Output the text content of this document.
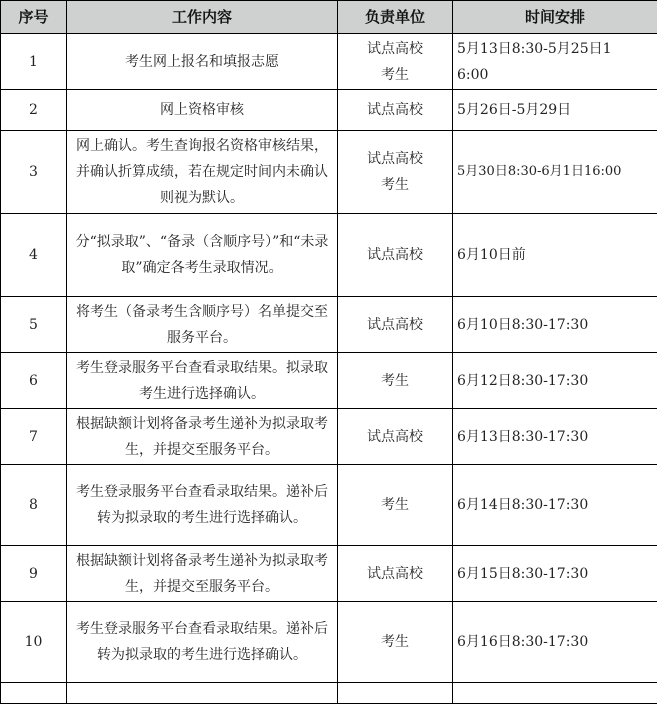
序号	工作内容	负责单位	时间安排
1	考生网上报名和填报志愿	试点高校考生	5月13日8:30-5月25日16:00
2	网上资格审核	试点高校	5月26日-5月29日
3	网上确认。考生查询报名资格审核结果，并确认折算成绩，若在规定时间内未确认则视为默认。	试点高校考生	5月30日8:30-6月1日16:00
4	分“拟录取”、“备录（含顺序号）”和“未录取”确定各考生录取情况。	试点高校	6月10日前
5	将考生（备录考生含顺序号）名单提交至服务平台。	试点高校	6月10日8:30-17:30
6	考生登录服务平台查看录取结果。拟录取考生进行选择确认。	考生	6月12日8:30-17:30
7	根据缺额计划将备录考生递补为拟录取考生，并提交至服务平台。	试点高校	6月13日8:30-17:30
8	考生登录服务平台查看录取结果。递补后转为拟录取的考生进行选择确认。	考生	6月14日8:30-17:30
9	根据缺额计划将备录考生递补为拟录取考生，并提交至服务平台。	试点高校	6月15日8:30-17:30
10	考生登录服务平台查看录取结果。递补后转为拟录取的考生进行选择确认。	考生	6月16日8:30-17:30
